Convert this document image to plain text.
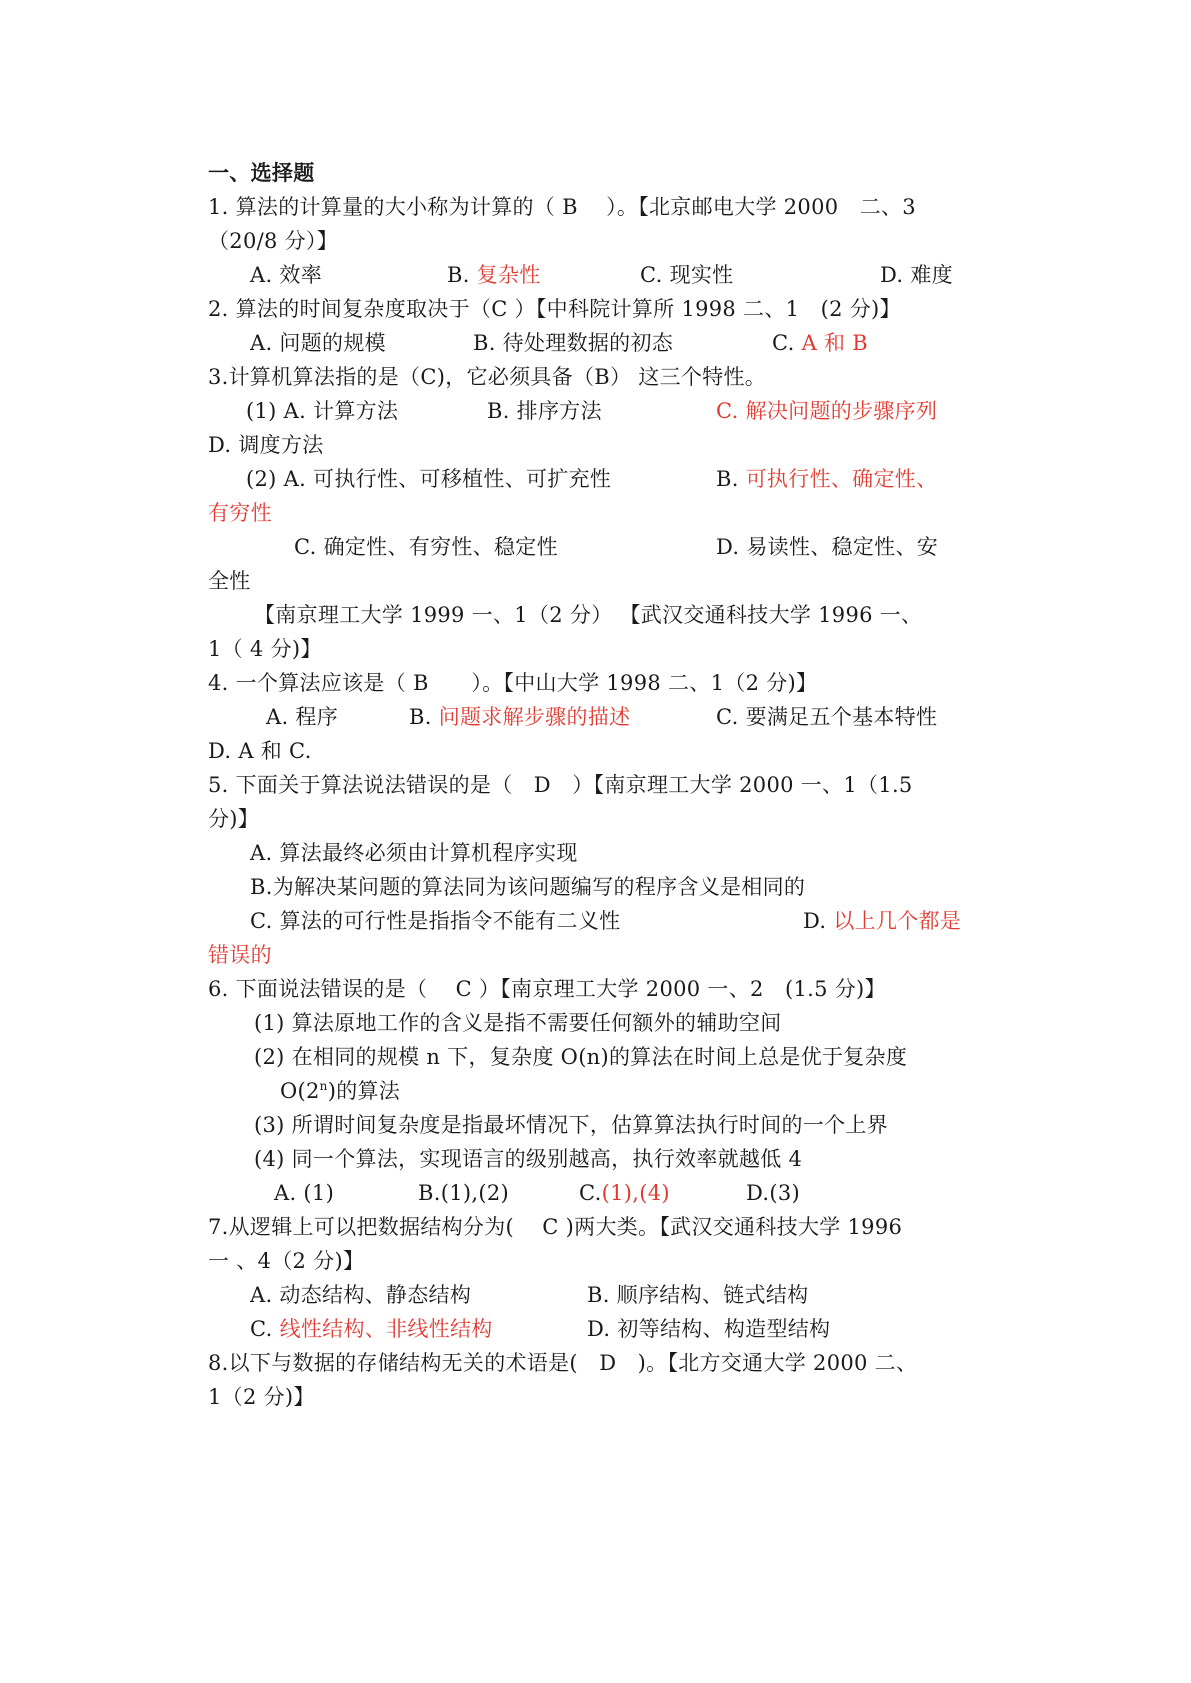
一、选择题
1. 算法的计算量的大小称为计算的（ B　 ）。【北京邮电大学 2000　二、3
（20/8 分）】
A. 效率	B. 复杂性	C. 现实性	D. 难度
2. 算法的时间复杂度取决于（C ）【中科院计算所 1998 二、1　(2 分)】
A. 问题的规模	B. 待处理数据的初态	C. A 和 B
3.计算机算法指的是（C)，它必须具备（B） 这三个特性。
(1) A. 计算方法	B. 排序方法	C. 解决问题的步骤序列
D. 调度方法
(2) A. 可执行性、可移植性、可扩充性	B. 可执行性、确定性、
有穷性
C. 确定性、有穷性、稳定性	D. 易读性、稳定性、安
全性
【南京理工大学 1999 一、1（2 分） 【武汉交通科技大学 1996 一、
1（ 4 分)】
4. 一个算法应该是（ B　　）。【中山大学 1998 二、1（2 分)】
A. 程序	B. 问题求解步骤的描述	C. 要满足五个基本特性
D. A 和 C.
5. 下面关于算法说法错误的是（　D　）【南京理工大学 2000 一、1（1.5
分)】
A. 算法最终必须由计算机程序实现
B.为解决某问题的算法同为该问题编写的程序含义是相同的
C. 算法的可行性是指指令不能有二义性	D. 以上几个都是
错误的
6. 下面说法错误的是（　 C ）【南京理工大学 2000 一、2　(1.5 分)】
(1) 算法原地工作的含义是指不需要任何额外的辅助空间
(2) 在相同的规模 n 下，复杂度 O(n)的算法在时间上总是优于复杂度
O(2$^n$)的算法
(3) 所谓时间复杂度是指最坏情况下，估算算法执行时间的一个上界
(4) 同一个算法，实现语言的级别越高，执行效率就越低 4
A. (1)	B.(1),(2)	C.(1),(4)	D.(3)
7.从逻辑上可以把数据结构分为(　 C )两大类。【武汉交通科技大学 1996
一 、4（2 分)】
A. 动态结构、静态结构	B. 顺序结构、链式结构
C. 线性结构、非线性结构	D. 初等结构、构造型结构
8.以下与数据的存储结构无关的术语是(　D　)。【北方交通大学 2000 二、
1（2 分)】
